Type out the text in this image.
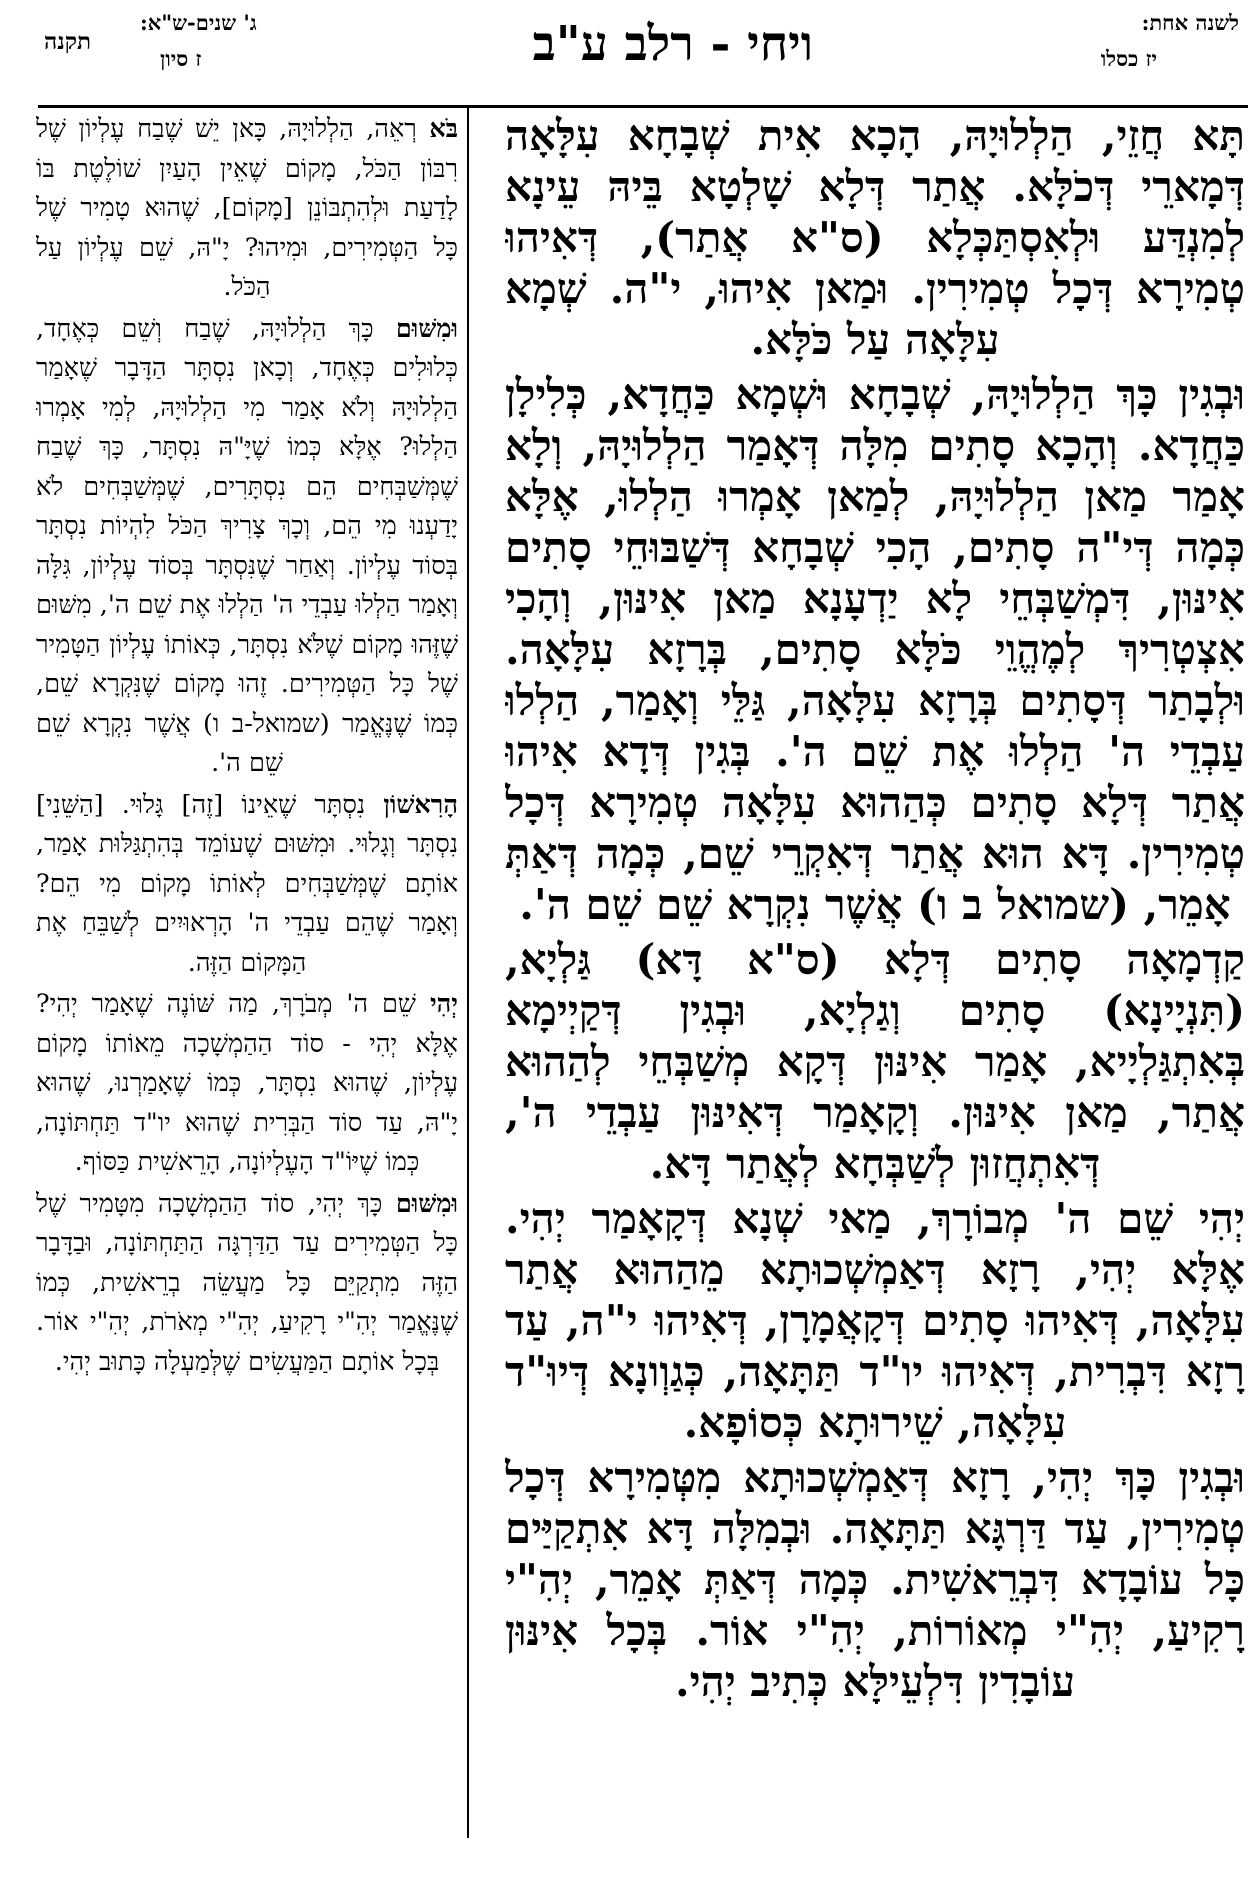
לשנה אחת:
יז כסלו
ויחי - רלב ע"ב
ג' שנים-ש"א:
ז סיון
תקנה

תָּא חֲזֵי, הַלְלוּיָהּ, הָכָא אִית שְׁבָחָא עִלָּאָה דְּמָארֵי דְּכֹלָּא. אֲתַר דְּלָא שָׁלְטָא בֵּיהּ עֵינָא לְמִנְדַּע וּלְאִסְתַּכְּלָא (ס"א אֲתַר), דְּאִיהוּ טְמִירָא דְּכָל טְמִירִין. וּמַאן אִיהוּ, י"ה. שְׁמָא עִלָּאָה עַל כֹּלָּא.

וּבְגִין כָּךְ הַלְלוּיָהּ, שְׁבָחָא וּשְׁמָא כַּחֲדָא, כְּלִילָן כַּחֲדָא. וְהָכָא סָתִים מִלָּה דְּאָמַר הַלְלוּיָהּ, וְלָא אָמַר מַאן הַלְלוּיָהּ, לְמַאן אָמְרוּ הַלְלוּ, אֶלָּא כְּמָה דְּי"ה סָתִים, הָכִי שְׁבָחָא דְּשַׁבּוּחֵי סָתִים אִינּוּן, דִּמְשַׁבְּחֵי לָא יַדְעָנָא מַאן אִינּוּן, וְהָכִי אִצְטְרִיךְ לְמֶהֱוֵי כֹּלָּא סָתִים, בְּרָזָא עִלָּאָה. וּלְבָתַר דְּסָתִים בְּרָזָא עִלָּאָה, גַּלֵּי וְאָמַר, הַלְלוּ עַבְדֵי ה' הַלְלוּ אֶת שֵׁם ה'. בְּגִין דְּדָא אִיהוּ אֲתַר דְּלָא סָתִים כְּהַהוּא עִלָּאָה טְמִירָא דְּכָל טְמִירִין. דָּא הוּא אֲתַר דְּאִקְרֵי שֵׁם, כְּמָה דְּאַתְּ אָמֵר, (שמואל ב ו) אֲשֶׁר נִקְרָא שֵׁם שֵׁם ה'.

קַדְמָאָה סָתִים דְּלָא (ס"א דָּא) גַּלְיָא, (תִּנְיָינָא) סָתִים וְגַלְיָא, וּבְגִין דְּקַיְימָא בְּאִתְגַּלְיָיא, אָמַר אִינּוּן דְּקָא מְשַׁבְּחֵי לְהַהוּא אֲתַר, מַאן אִינּוּן. וְקָאָמַר דְּאִינּוּן עַבְדֵי ה', דְּאִתְחֲזוּן לְשַׁבְּחָא לְאֲתַר דָּא.

יְהִי שֵׁם ה' מְבוֹרָךְ, מַאי שְׁנָא דְּקָאָמַר יְהִי. אֶלָּא יְהִי, רָזָא דְּאַמְשְׁכוּתָא מֵהַהוּא אֲתַר עִלָּאָה, דְּאִיהוּ סָתִים דְּקָאֲמָרָן, דְּאִיהוּ י"ה, עַד רָזָא דִּבְרִית, דְּאִיהוּ יו"ד תַּתָּאָה, כְּגַוְונָא דְּיוּ"ד עִלָּאָה, שֵׁירוּתָא כְּסוֹפָא.

וּבְגִין כָּךְ יְהִי, רָזָא דְּאַמְשְׁכוּתָא מִטְּמִירָא דְּכָל טְמִירִין, עַד דַּרְגָּא תַּתָּאָה. וּבְמִלָּה דָּא אִתְקַיַּים כָּל עוֹבָדָא דִּבְרֵאשִׁית. כְּמָה דְּאַתְּ אָמֵר, יְהִ"י רָקִיעַ, יְהִ"י מְאוֹרוֹת, יְהִ"י אוֹר. בְּכָל אִינּוּן עוֹבָדִין דִּלְעֵילָּא כְּתִיב יְהִי.

בֹּא רְאֵה, הַלְלוּיָהּ, כָּאן יֵשׁ שֶׁבַח עֶלְיוֹן שֶׁל רִבּוֹן הַכֹּל, מָקוֹם שֶׁאֵין הָעַיִן שׁוֹלֶטֶת בּוֹ לָדַעַת וּלְהִתְבּוֹנֵן [מָקוֹם], שֶׁהוּא טָמִיר שֶׁל כָּל הַטְּמִירִים, וּמִיהוּ? יָ"הּ, שֵׁם עֶלְיוֹן עַל הַכֹּל.

וּמִשּׁוּם כָּךְ הַלְלוּיָהּ, שֶׁבַח וְשֵׁם כְּאֶחָד, כְּלוּלִים כְּאֶחָד, וְכָאן נִסְתָּר הַדָּבָר שֶׁאָמַר הַלְלוּיָהּ וְלֹא אָמַר מִי הַלְלוּיָהּ, לְמִי אָמְרוּ הַלְלוּ? אֶלָּא כְּמוֹ שֶׁיָּ"הּ נִסְתָּר, כָּךְ שֶׁבַח שֶׁמְּשַׁבְּחִים הֵם נִסְתָּרִים, שֶׁמְּשַׁבְּחִים לֹא יָדַעְנוּ מִי הֵם, וְכָךְ צָרִיךְ הַכֹּל לִהְיוֹת נִסְתָּר בְּסוֹד עֶלְיוֹן. וְאַחַר שֶׁנִּסְתָּר בְּסוֹד עֶלְיוֹן, גִּלָּה וְאָמַר הַלְלוּ עַבְדֵי ה' הַלְלוּ אֶת שֵׁם ה', מִשּׁוּם שֶׁזֶּהוּ מָקוֹם שֶׁלֹּא נִסְתָּר, כְּאוֹתוֹ עֶלְיוֹן הַטָּמִיר שֶׁל כָּל הַטְּמִירִים. זֶהוּ מָקוֹם שֶׁנִּקְרָא שֵׁם, כְּמוֹ שֶׁנֶּאֱמַר (שמואל-ב ו) אֲשֶׁר נִקְרָא שֵׁם שֵׁם ה'.

הָרִאשׁוֹן נִסְתָּר שֶׁאֵינוֹ [זֶה] גָּלוּי. [הַשֵּׁנִי] נִסְתָּר וְגָלוּי. וּמִשּׁוּם שֶׁעוֹמֵד בְּהִתְגַּלּוּת אָמַר, אוֹתָם שֶׁמְּשַׁבְּחִים לְאוֹתוֹ מָקוֹם מִי הֵם? וְאָמַר שֶׁהֵם עַבְדֵי ה' הָרְאוּיִים לְשַׁבֵּחַ אֶת הַמָּקוֹם הַזֶּה.

יְהִי שֵׁם ה' מְבֹרָךְ, מַה שּׁוֹנֶה שֶׁאָמַר יְהִי? אֶלָּא יְהִי - סוֹד הַהַמְשָׁכָה מֵאוֹתוֹ מָקוֹם עֶלְיוֹן, שֶׁהוּא נִסְתָּר, כְּמוֹ שֶׁאָמַרְנוּ, שֶׁהוּא יָ"הּ, עַד סוֹד הַבְּרִית שֶׁהוּא יו"ד תַּחְתּוֹנָה, כְּמוֹ שֶׁיּוֹ"ד הָעֶלְיוֹנָה, הָרֵאשִׁית כַּסּוֹף.

וּמִשּׁוּם כָּךְ יְהִי, סוֹד הַהַמְשָׁכָה מִטָּמִיר שֶׁל כָּל הַטְּמִירִים עַד הַדַּרְגָּה הַתַּחְתּוֹנָה, וּבַדָּבָר הַזֶּה מִתְקַיֵּם כָּל מַעֲשֵׂה בְרֵאשִׁית, כְּמוֹ שֶׁנֶּאֱמַר יְהִ"י רָקִיעַ, יְהִ"י מְאֹרֹת, יְהִ"י אוֹר. בְּכָל אוֹתָם הַמַּעֲשִׂים שֶׁלְּמַעְלָה כָּתוּב יְהִי.
